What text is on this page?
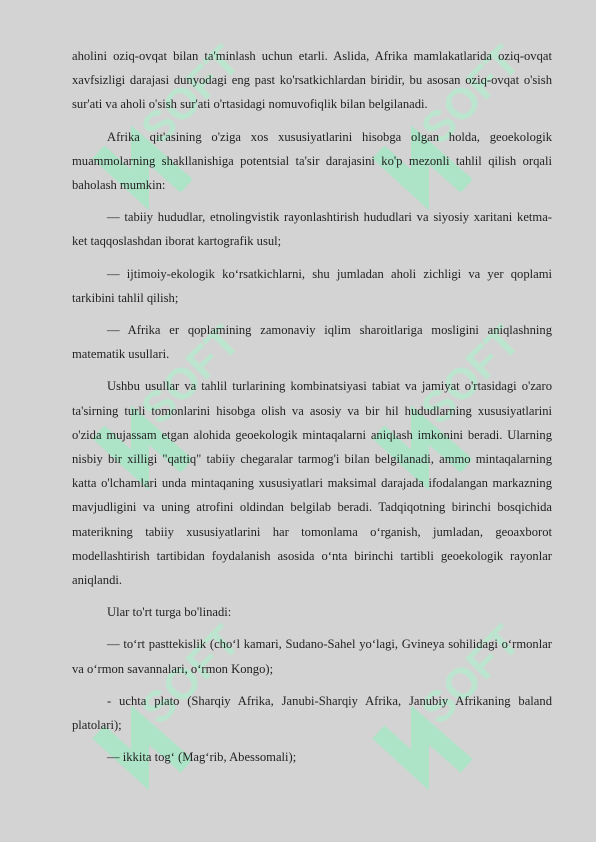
SOFT	SOFT
SOFT	SOFT
SOFT	SOFT

aholini oziq-ovqat bilan ta'minlash uchun etarli. Aslida, Afrika mamlakatlarida oziq-ovqat xavfsizligi darajasi dunyodagi eng past ko'rsatkichlardan biridir, bu asosan oziq-ovqat o'sish sur'ati va aholi o'sish sur'ati o'rtasidagi nomuvofiqlik bilan belgilanadi.

Afrika qit'asining o'ziga xos xususiyatlarini hisobga olgan holda, geoekologik muammolarning shakllanishiga potentsial ta'sir darajasini ko'p mezonli tahlil qilish orqali baholash mumkin:

— tabiiy hududlar, etnolingvistik rayonlashtirish hududlari va siyosiy xaritani ketma-ket taqqoslashdan iborat kartografik usul;

— ijtimoiy-ekologik ko‘rsatkichlarni, shu jumladan aholi zichligi va yer qoplami tarkibini tahlil qilish;

— Afrika er qoplamining zamonaviy iqlim sharoitlariga mosligini aniqlashning matematik usullari.

Ushbu usullar va tahlil turlarining kombinatsiyasi tabiat va jamiyat o'rtasidagi o'zaro ta'sirning turli tomonlarini hisobga olish va asosiy va bir hil hududlarning xususiyatlarini o'zida mujassam etgan alohida geoekologik mintaqalarni aniqlash imkonini beradi. Ularning nisbiy bir xilligi "qattiq" tabiiy chegaralar tarmog'i bilan belgilanadi, ammo mintaqalarning katta o'lchamlari unda mintaqaning xususiyatlari maksimal darajada ifodalangan markazning mavjudligini va uning atrofini oldindan belgilab beradi. Tadqiqotning birinchi bosqichida materikning tabiiy xususiyatlarini har tomonlama o‘rganish, jumladan, geoaxborot modellashtirish tartibidan foydalanish asosida o‘nta birinchi tartibli geoekologik rayonlar aniqlandi.

Ular to'rt turga bo'linadi:

— to‘rt pasttekislik (cho‘l kamari, Sudano-Sahel yo‘lagi, Gvineya sohilidagi o‘rmonlar va o‘rmon savannalari, o‘rmon Kongo);

- uchta plato (Sharqiy Afrika, Janubi-Sharqiy Afrika, Janubiy Afrikaning baland platolari);

— ikkita tog‘ (Mag‘rib, Abessomali);
